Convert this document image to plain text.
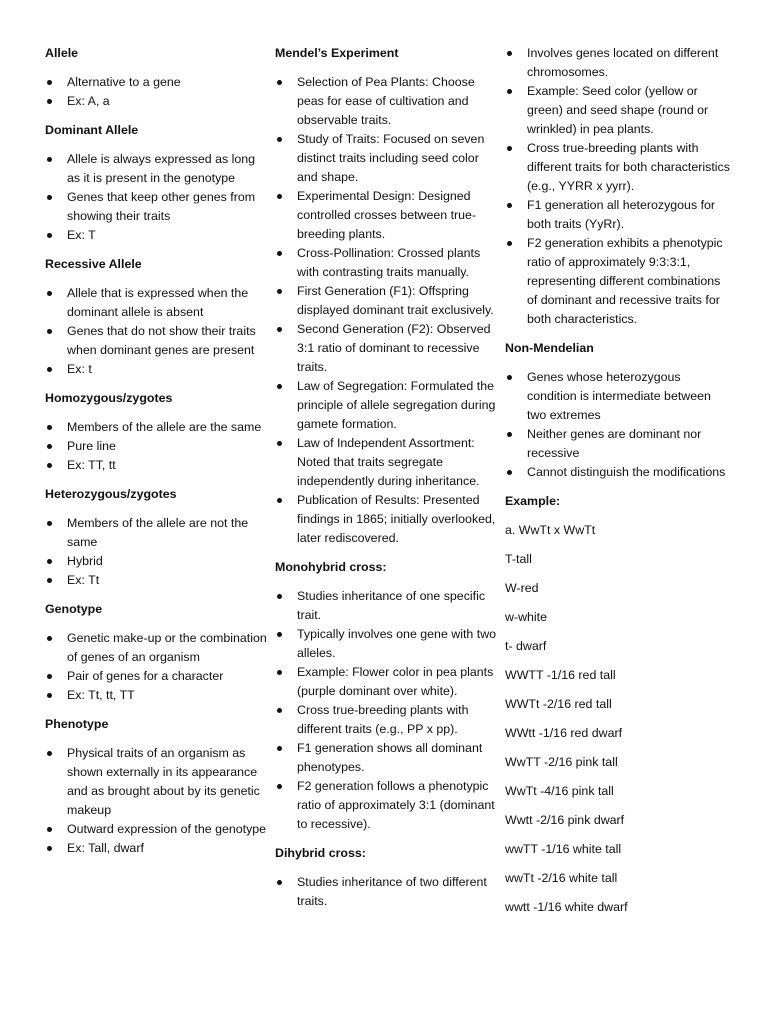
Allele
Alternative to a gene
Ex: A, a
Dominant Allele
Allele is always expressed as long as it is present in the genotype
Genes that keep other genes from showing their traits
Ex: T
Recessive Allele
Allele that is expressed when the dominant allele is absent
Genes that do not show their traits when dominant genes are present
Ex: t
Homozygous/zygotes
Members of the allele are the same
Pure line
Ex: TT, tt
Heterozygous/zygotes
Members of the allele are not the same
Hybrid
Ex: Tt
Genotype
Genetic make-up or the combination of genes of an organism
Pair of genes for a character
Ex: Tt, tt, TT
Phenotype
Physical traits of an organism as shown externally in its appearance and as brought about by its genetic makeup
Outward expression of the genotype
Ex: Tall, dwarf
Mendel’s Experiment
Selection of Pea Plants: Choose peas for ease of cultivation and observable traits.
Study of Traits: Focused on seven distinct traits including seed color and shape.
Experimental Design: Designed controlled crosses between true-breeding plants.
Cross-Pollination: Crossed plants with contrasting traits manually.
First Generation (F1): Offspring displayed dominant trait exclusively.
Second Generation (F2): Observed 3:1 ratio of dominant to recessive traits.
Law of Segregation: Formulated the principle of allele segregation during gamete formation.
Law of Independent Assortment: Noted that traits segregate independently during inheritance.
Publication of Results: Presented findings in 1865; initially overlooked, later rediscovered.
Monohybrid cross:
Studies inheritance of one specific trait.
Typically involves one gene with two alleles.
Example: Flower color in pea plants (purple dominant over white).
Cross true-breeding plants with different traits (e.g., PP x pp).
F1 generation shows all dominant phenotypes.
F2 generation follows a phenotypic ratio of approximately 3:1 (dominant to recessive).
Dihybrid cross:
Studies inheritance of two different traits.
Involves genes located on different chromosomes.
Example: Seed color (yellow or green) and seed shape (round or wrinkled) in pea plants.
Cross true-breeding plants with different traits for both characteristics (e.g., YYRR x yyrr).
F1 generation all heterozygous for both traits (YyRr).
F2 generation exhibits a phenotypic ratio of approximately 9:3:3:1, representing different combinations of dominant and recessive traits for both characteristics.
Non-Mendelian
Genes whose heterozygous condition is intermediate between two extremes
Neither genes are dominant nor recessive
Cannot distinguish the modifications
Example:
a. WwTt x WwTt
T-tall
W-red
w-white
t- dwarf
WWTT -1/16 red tall
WWTt -2/16 red tall
WWtt -1/16 red dwarf
WwTT -2/16 pink tall
WwTt -4/16 pink tall
Wwtt -2/16 pink dwarf
wwTT -1/16 white tall
wwTt -2/16 white tall
wwtt -1/16 white dwarf
